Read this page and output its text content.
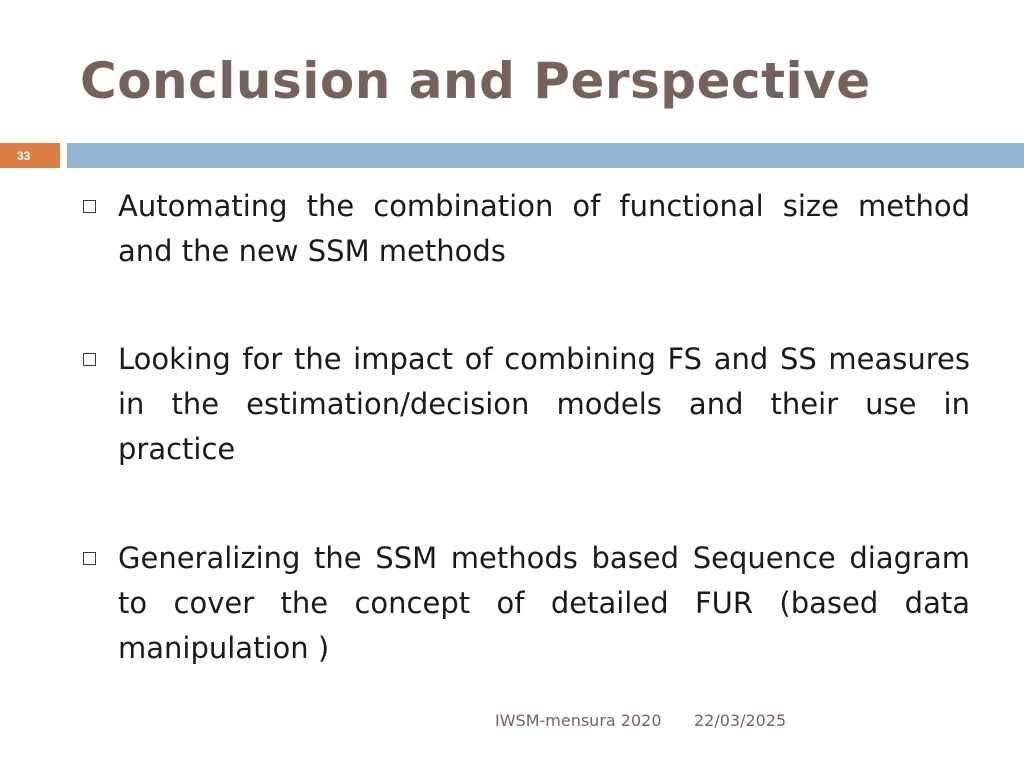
Conclusion and Perspective
33

Automating the combination of functional size method and the new SSM methods

Looking for the impact of combining FS and SS measures in the estimation/decision models and their use in practice

Generalizing the SSM methods based Sequence diagram to cover the concept of detailed FUR (based data manipulation )

IWSM-mensura 2020 22/03/2025
